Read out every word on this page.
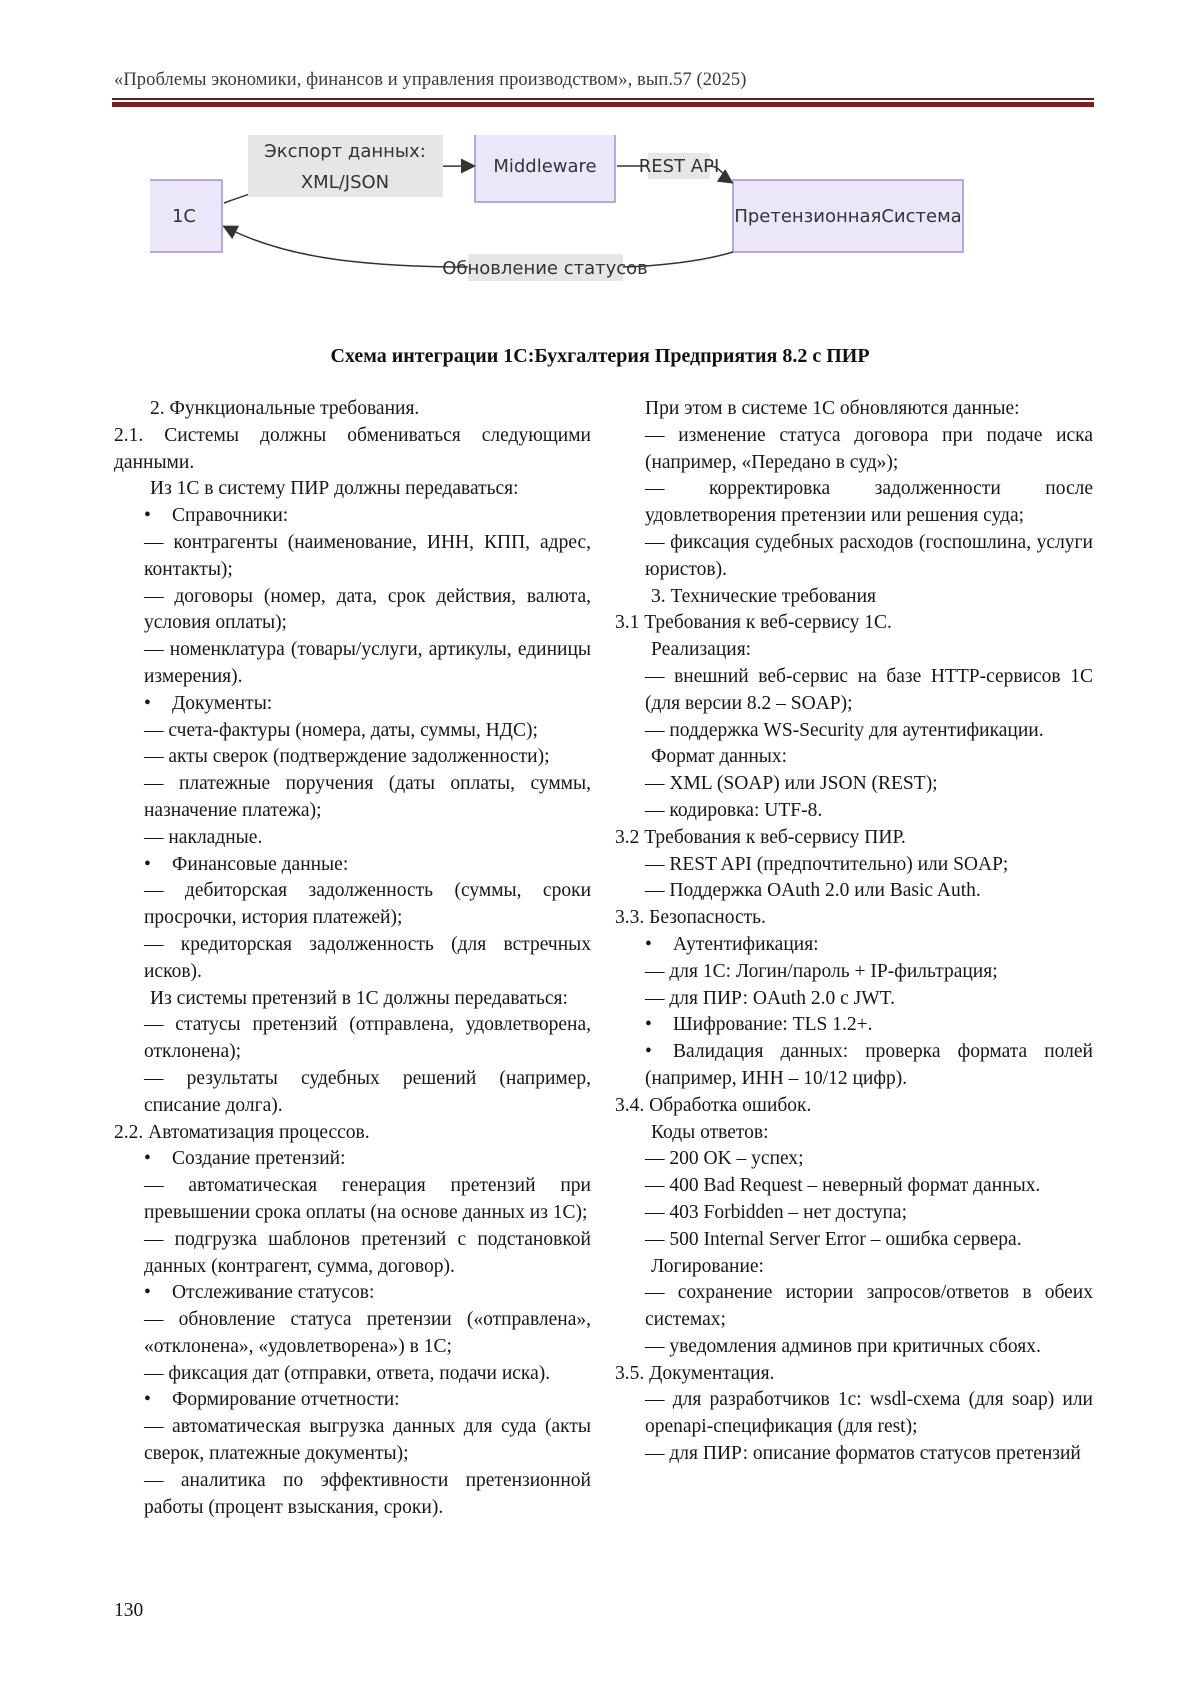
«Проблемы экономики, финансов и управления производством», вып.57 (2025)
1С
Middleware
ПретензионнаяСистема
Экспорт данных:
XML/JSON
REST API
Обновление статусов
Схема интеграции 1С:Бухгалтерия Предприятия 8.2 с ПИР

2. Функциональные требования.

2.1. Системы должны обмениваться следующими данными.

Из 1С в систему ПИР должны передаваться:

• Справочники:

— контрагенты (наименование, ИНН, КПП, адрес, контакты);

— договоры (номер, дата, срок действия, валюта, условия оплаты);

— номенклатура (товары/услуги, артикулы, единицы измерения).

• Документы:

— счета-фактуры (номера, даты, суммы, НДС);

— акты сверок (подтверждение задолженности);

— платежные поручения (даты оплаты, суммы, назначение платежа);

— накладные.

• Финансовые данные:

— дебиторская задолженность (суммы, сроки просрочки, история платежей);

— кредиторская задолженность (для встречных исков).

Из системы претензий в 1С должны передаваться:

— статусы претензий (отправлена, удовлетворена, отклонена);

— результаты судебных решений (например, списание долга).

2.2. Автоматизация процессов.

• Создание претензий:

— автоматическая генерация претензий при превышении срока оплаты (на основе данных из 1С);

— подгрузка шаблонов претензий с подстановкой данных (контрагент, сумма, договор).

• Отслеживание статусов:

— обновление статуса претензии («отправлена», «отклонена», «удовлетворена») в 1С;

— фиксация дат (отправки, ответа, подачи иска).

• Формирование отчетности:

— автоматическая выгрузка данных для суда (акты сверок, платежные документы);

— аналитика по эффективности претензионной работы (процент взыскания, сроки).

При этом в системе 1С обновляются данные:

— изменение статуса договора при подаче иска (например, «Передано в суд»);

— корректировка задолженности после удовлетворения претензии или решения суда;

— фиксация судебных расходов (госпошлина, услуги юристов).

3. Технические требования

3.1 Требования к веб-сервису 1С.

Реализация:

— внешний веб-сервис на базе HTTP-сервисов 1С (для версии 8.2 – SOAP);

— поддержка WS-Security для аутентификации.

Формат данных:

— XML (SOAP) или JSON (REST);

— кодировка: UTF-8.

3.2 Требования к веб-сервису ПИР.

— REST API (предпочтительно) или SOAP;

— Поддержка OAuth 2.0 или Basic Auth.

3.3. Безопасность.

• Аутентификация:

— для 1С: Логин/пароль + IP-фильтрация;

— для ПИР: OAuth 2.0 с JWT.

• Шифрование: TLS 1.2+.

• Валидация данных: проверка формата полей (например, ИНН – 10/12 цифр).

3.4. Обработка ошибок.

Коды ответов:

— 200 OK – успех;

— 400 Bad Request – неверный формат данных.

— 403 Forbidden – нет доступа;

— 500 Internal Server Error – ошибка сервера.

Логирование:

— сохранение истории запросов/ответов в обеих системах;

— уведомления админов при критичных сбоях.

3.5. Документация.

— для разработчиков 1с: wsdl-схема (для soap) или openapi-спецификация (для rest);

— для ПИР: описание форматов статусов претензий

130
